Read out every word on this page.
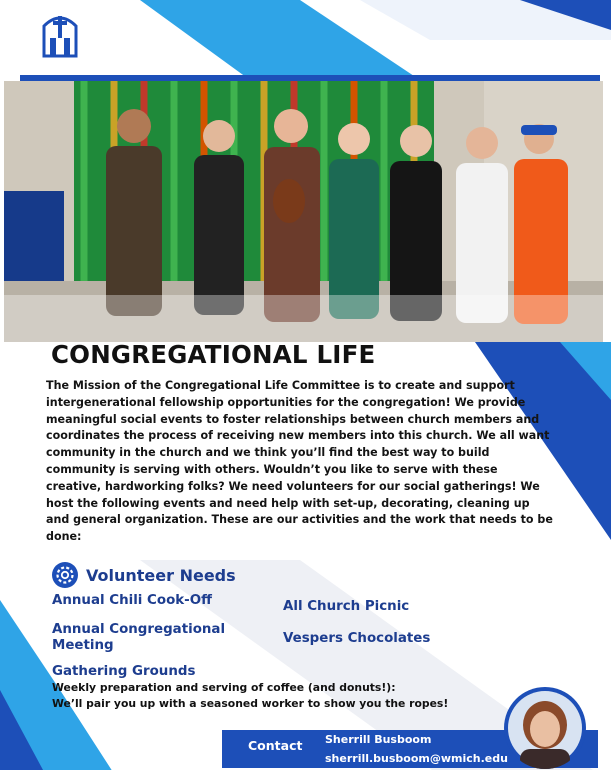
CONGREGATIONAL LIFE

The Mission of the Congregational Life Committee is to create and support intergenerational fellowship opportunities for the congregation! We provide meaningful social events to foster relationships between church members and coordinates the process of receiving new members into this church. We all want community in the church and we think you’ll find the best way to build community is serving with others. Wouldn’t you like to serve with these creative, hardworking folks? We need volunteers for our social gatherings! We host the following events and need help with set-up, decorating, cleaning up and general organization. These are our activities and the work that needs to be done:

Volunteer Needs

Annual Chili Cook-Off

Annual Congregational Meeting

Gathering Grounds

All Church Picnic

Vespers Chocolates

Weekly preparation and serving of coffee (and donuts!):
We’ll pair you up with a seasoned worker to show you the ropes!

Contact Sherrill Busboom

sherrill.busboom@wmich.edu
